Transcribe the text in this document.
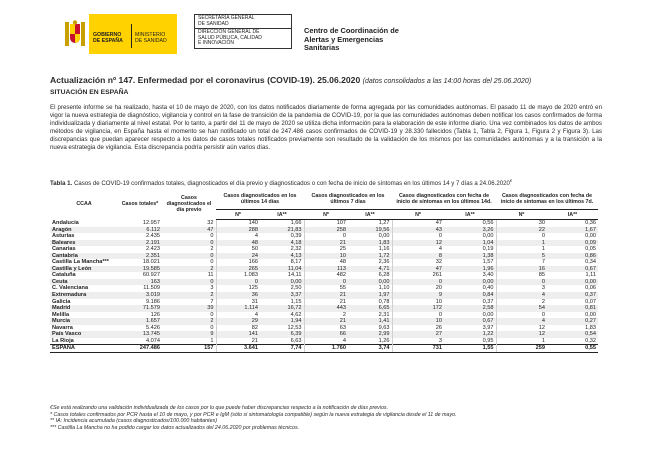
GOBIERNO
DE ESPAÑA
MINISTERIO
DE SANIDAD
SECRETARÍA GENERAL
DE SANIDAD
DIRECCIÓN GENERAL DE
SALUD PÚBLICA, CALIDAD
E INNOVACIÓN
Centro de Coordinación de
Alertas y Emergencias
Sanitarias
Actualización nº 147. Enfermedad por el coronavirus (COVID-19). 25.06.2020 (datos consolidados a las 14:00 horas del 25.06.2020)
SITUACIÓN EN ESPAÑA
El presente informe se ha realizado, hasta el 10 de mayo de 2020, con los datos notificados diariamente de forma agregada por las comunidades autónomas. El pasado 11 de mayo de 2020 entró en vigor la nueva estrategia de diagnóstico, vigilancia y control en la fase de transición de la pandemia de COVID-19, por la que las comunidades autónomas deben notificar los casos confirmados de forma individualizada y diariamente al nivel estatal. Por lo tanto, a partir del 11 de mayo de 2020 se utiliza dicha información para la elaboración de este informe diario. Una vez combinados los datos de ambos métodos de vigilancia, en España hasta el momento se han notificado un total de 247.486 casos confirmados de COVID-19 y 28.330 fallecidos (Tabla 1, Tabla 2, Figura 1, Figura 2 y Figura 3). Las discrepancias que puedan aparecer respecto a los datos de casos totales notificados previamente son resultado de la validación de los mismos por las comunidades autónomas y a la transición a la nueva estrategia de vigilancia. Esta discrepancia podría persistir aún varios días.
Tabla 1. Casos de COVID-19 confirmados totales, diagnosticados el día previo y diagnosticados o con fecha de inicio de síntomas en los últimos 14 y 7 días a 24.06.2020€
CCAA	Casos totales*	Casos diagnosticados el día previo	Casos diagnosticados en los últimos 14 días		Casos diagnosticados en los últimos 7 días		Casos diagnosticados con fecha de inicio de síntomas en los últimos 14d.		Casos diagnosticados con fecha de inicio de síntomas en los últimos 7d.	
			Nº	IA**	Nº	IA**	Nº	IA**	Nº	IA**
Andalucía	12.957	32	140	1,66	107	1,27	47	0,56	30	0,36
Aragón	6.112	47	288	21,83	258	19,56	43	3,26	22	1,67
Asturias	2.435	0	4	0,39	0	0,00	0	0,00	0	0,00
Baleares	2.191	0	48	4,18	21	1,83	12	1,04	1	0,09
Canarias	2.423	2	50	2,32	25	1,16	4	0,19	1	0,05
Cantabria	2.351	0	24	4,13	10	1,72	8	1,38	5	0,86
Castilla La Mancha***	18.021	0	166	8,17	48	2,36	32	1,57	7	0,34
Castilla y León	19.585	2	265	11,04	113	4,71	47	1,96	16	0,67
Cataluña	60.927	11	1.083	14,11	482	6,28	261	3,40	85	1,11
Ceuta	163	0	0	0,00	0	0,00	0	0,00	0	0,00
C. Valenciana	11.509	3	125	2,50	55	1,10	20	0,40	3	0,06
Extremadura	3.019	2	36	3,37	21	1,97	9	0,84	4	0,37
Galicia	9.186	7	31	1,15	21	0,78	10	0,37	2	0,07
Madrid	71.579	39	1.114	16,72	443	6,65	172	2,58	54	0,81
Melilla	126	0	4	4,62	2	2,31	0	0,00	0	0,00
Murcia	1.657	2	29	1,94	21	1,41	10	0,67	4	0,27
Navarra	5.426	0	82	12,53	63	9,63	26	3,97	12	1,83
País Vasco	13.745	9	141	6,39	66	2,99	27	1,22	12	0,54
La Rioja	4.074	1	21	6,63	4	1,26	3	0,95	1	0,32
ESPAÑA	247.486	157	3.641	7,74	1.760	3,74	731	1,55	259	0,55
€Se está realizando una validación individualizada de los casos por lo que puede haber discrepancias respecto a la notificación de días previos.
* Casos totales confirmados por PCR hasta el 10 de mayo, y por PCR e IgM (sólo si sintomatología compatible) según la nueva estrategia de vigilancia desde el 11 de mayo.
** IA: Incidencia acumulada (casos diagnosticados/100.000 habitantes)
*** Castilla La Mancha no ha podido cargar los datos actualizados del 24.06.2020 por problemas técnicos.
